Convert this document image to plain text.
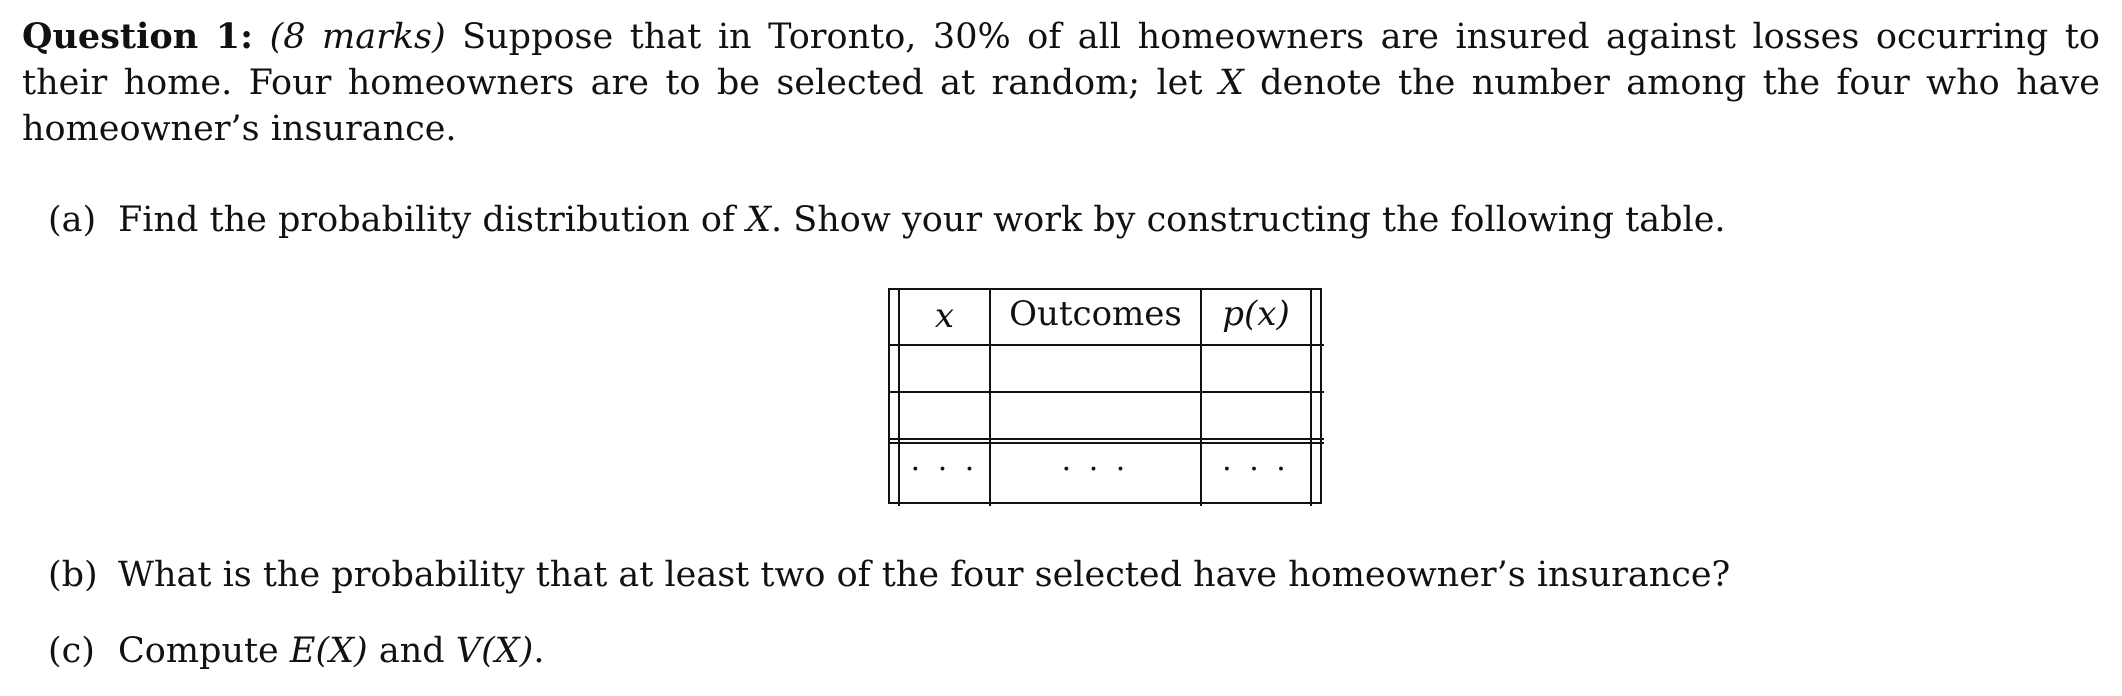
Question 1: (8 marks) Suppose that in Toronto, 30% of all homeowners are insured against losses occurring to their home. Four homeowners are to be selected at random; let X denote the number among the four who have homeowner’s insurance.
(a) Find the probability distribution of X. Show your work by constructing the following table.
x	Outcomes	p(x)
· · ·	· · ·	· · ·
(b) What is the probability that at least two of the four selected have homeowner’s insurance?
(c) Compute E(X) and V(X).
